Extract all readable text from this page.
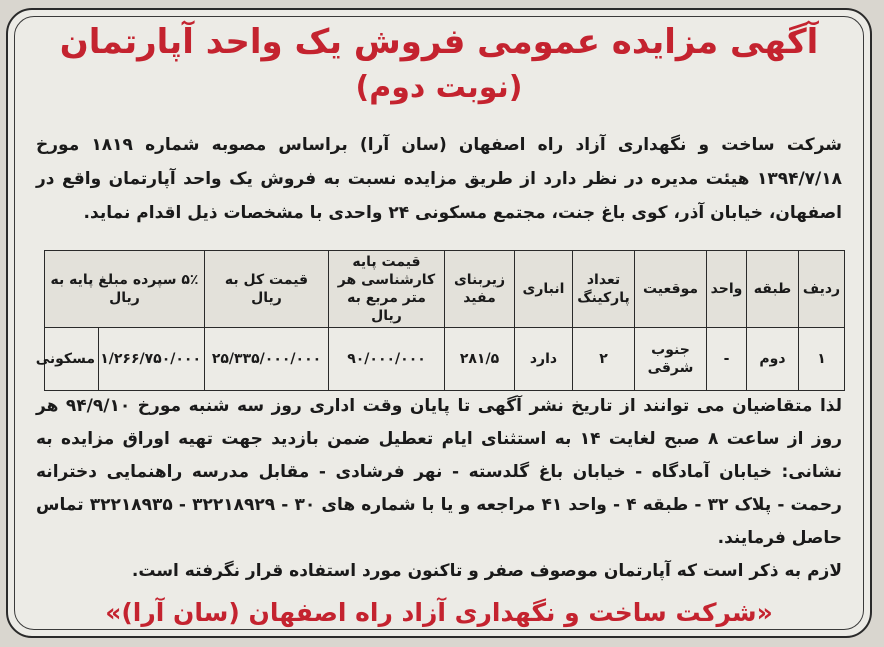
آگهی مزایده عمومی فروش یک واحد آپارتمان
(نوبت دوم)
شرکت ساخت و نگهداری آزاد راه اصفهان (سان آرا) براساس مصوبه شماره ۱۸۱۹ مورخ ۱۳۹۴/۷/۱۸ هیئت مدیره در نظر دارد از طریق مزایده نسبت به فروش یک واحد آپارتمان واقع در اصفهان، خیابان آذر، کوی باغ جنت، مجتمع مسکونی ۲۴ واحدی با مشخصات ذیل اقدام نماید.
ردیف	طبقه	واحد	موقعیت	تعداد پارکینگ	انباری	زیربنای مفید	قیمت پایه کارشناسی هر متر مربع به ریال	قیمت کل به ریال	۵٪ سپرده مبلغ پایه به ریال	
۱	دوم	-	جنوب شرقی	۲	دارد	۲۸۱/۵	۹۰/۰۰۰/۰۰۰	۲۵/۳۳۵/۰۰۰/۰۰۰	۱/۲۶۶/۷۵۰/۰۰۰	مسکونی
لذا متقاضیان می توانند از تاریخ نشر آگهی تا پایان وقت اداری روز سه شنبه مورخ ۹۴/۹/۱۰ هر روز از ساعت ۸ صبح لغایت ۱۴ به استثنای ایام تعطیل ضمن بازدید جهت تهیه اوراق مزایده به نشانی: خیابان آمادگاه - خیابان باغ گلدسته - نهر فرشادی - مقابل مدرسه راهنمایی دخترانه رحمت - پلاک ۳۲ - طبقه ۴ - واحد ۴۱ مراجعه و یا با شماره های ۳۰ - ۳۲۲۱۸۹۲۹ - ۳۲۲۱۸۹۳۵ تماس حاصل فرمایند.
لازم به ذکر است که آپارتمان موصوف صفر و تاکنون مورد استفاده قرار نگرفته است.
«شرکت ساخت و نگهداری آزاد راه اصفهان (سان آرا)»
